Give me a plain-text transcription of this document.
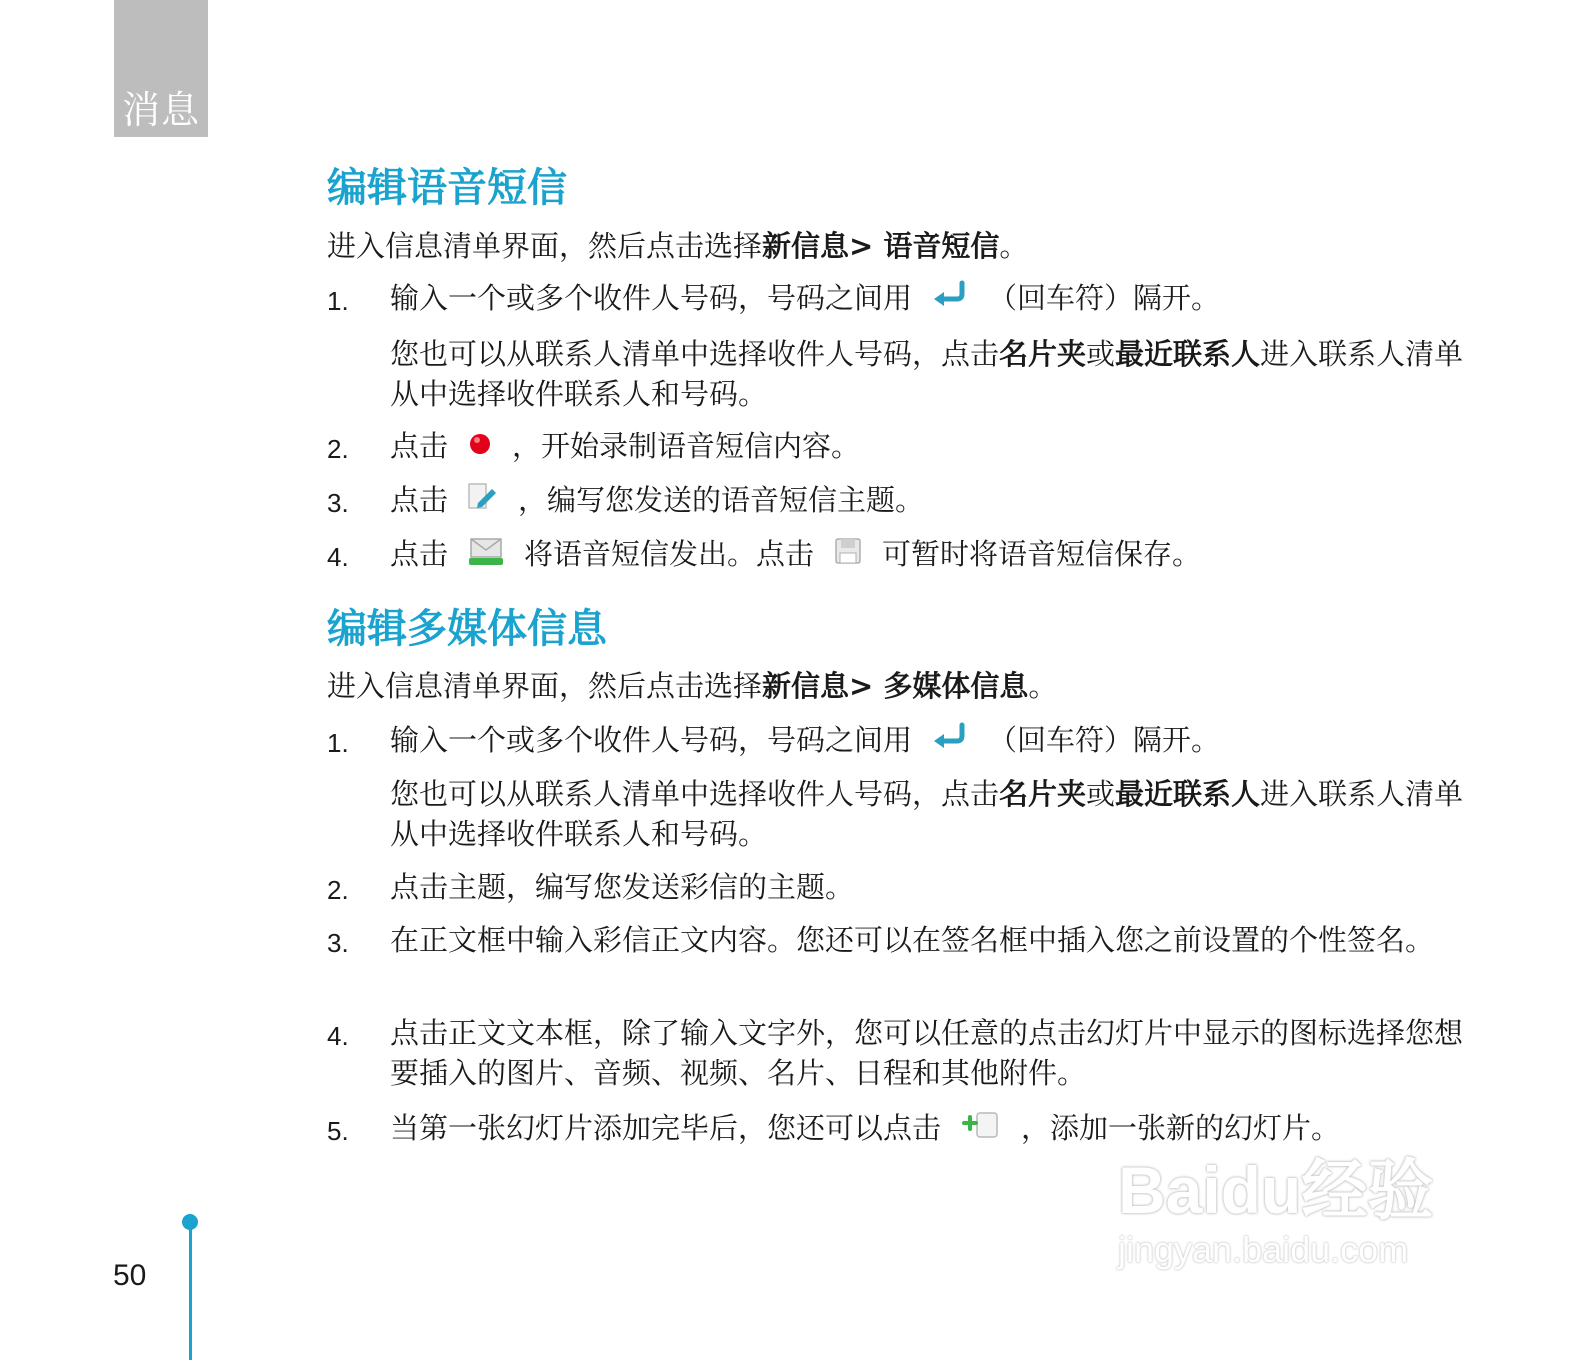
消息
编辑语音短信

进入信息清单界面，然后点击选择新信息> 语音短信。

1. 输入一个或多个收件人号码，号码之间用	（回车符）隔开。

您也可以从联系人清单中选择收件人号码，点击名片夹或最近联系人进入联系人清单从中选择收件联系人和号码。

2. 点击 ，开始录制语音短信内容。

3. 点击 ，编写您发送的语音短信主题。

4. 点击	将语音短信发出。点击 可暂时将语音短信保存。

编辑多媒体信息

进入信息清单界面，然后点击选择新信息> 多媒体信息。

1. 输入一个或多个收件人号码，号码之间用	（回车符）隔开。

您也可以从联系人清单中选择收件人号码，点击名片夹或最近联系人进入联系人清单从中选择收件联系人和号码。

2. 点击主题，编写您发送彩信的主题。

3. 在正文框中输入彩信正文内容。您还可以在签名框中插入您之前设置的个性签名。

4. 点击正文文本框，除了输入文字外，您可以任意的点击幻灯片中显示的图标选择您想要插入的图片、音频、视频、名片、日程和其他附件。

5. 当第一张幻灯片添加完毕后，您还可以点击	，添加一张新的幻灯片。

Baidu经验
jingyan.baidu.com
50
